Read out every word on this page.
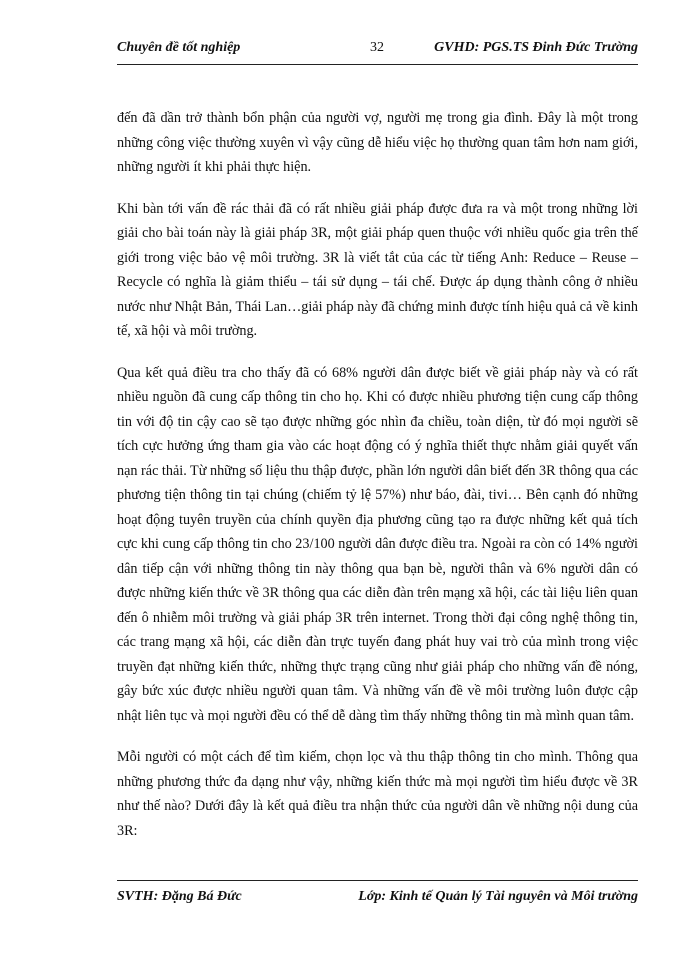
Chuyên đề tốt nghiệp	32	GVHD: PGS.TS Đinh Đức Trường

đến đã dần trở thành bổn phận của người vợ, người mẹ trong gia đình. Đây là một trong những công việc thường xuyên vì vậy cũng dễ hiểu việc họ thường quan tâm hơn nam giới, những người ít khi phải thực hiện.

Khi bàn tới vấn đề rác thải đã có rất nhiều giải pháp được đưa ra và một trong những lời giải cho bài toán này là giải pháp 3R, một giải pháp quen thuộc với nhiều quốc gia trên thế giới trong việc bảo vệ môi trường. 3R là viết tắt của các từ tiếng Anh: Reduce – Reuse – Recycle có nghĩa là giảm thiểu – tái sử dụng – tái chế. Được áp dụng thành công ở nhiều nước như Nhật Bản, Thái Lan…giải pháp này đã chứng minh được tính hiệu quả cả về kinh tế, xã hội và môi trường.

Qua kết quả điều tra cho thấy đã có 68% người dân được biết về giải pháp này và có rất nhiều nguồn đã cung cấp thông tin cho họ. Khi có được nhiều phương tiện cung cấp thông tin với độ tin cậy cao sẽ tạo được những góc nhìn đa chiều, toàn diện, từ đó mọi người sẽ tích cực hưởng ứng tham gia vào các hoạt động có ý nghĩa thiết thực nhằm giải quyết vấn nạn rác thải. Từ những số liệu thu thập được, phần lớn người dân biết đến 3R thông qua các phương tiện thông tin tại chúng (chiếm tỷ lệ 57%) như báo, đài, tivi… Bên cạnh đó những hoạt động tuyên truyền của chính quyền địa phương cũng tạo ra được những kết quả tích cực khi cung cấp thông tin cho 23/100 người dân được điều tra. Ngoài ra còn có 14% người dân tiếp cận với những thông tin này thông qua bạn bè, người thân và 6% người dân có được những kiến thức về 3R thông qua các diễn đàn trên mạng xã hội, các tài liệu liên quan đến ô nhiễm môi trường và giải pháp 3R trên internet. Trong thời đại công nghệ thông tin, các trang mạng xã hội, các diễn đàn trực tuyến đang phát huy vai trò của mình trong việc truyền đạt những kiến thức, những thực trạng cũng như giải pháp cho những vấn đề nóng, gây bức xúc được nhiều người quan tâm. Và những vấn đề về môi trường luôn được cập nhật liên tục và mọi người đều có thể dễ dàng tìm thấy những thông tin mà mình quan tâm.

Mỗi người có một cách để tìm kiếm, chọn lọc và thu thập thông tin cho mình. Thông qua những phương thức đa dạng như vậy, những kiến thức mà mọi người tìm hiểu được về 3R như thế nào? Dưới đây là kết quả điều tra nhận thức của người dân về những nội dung của 3R:

SVTH: Đặng Bá Đức	Lớp: Kinh tế Quản lý Tài nguyên và Môi trường
